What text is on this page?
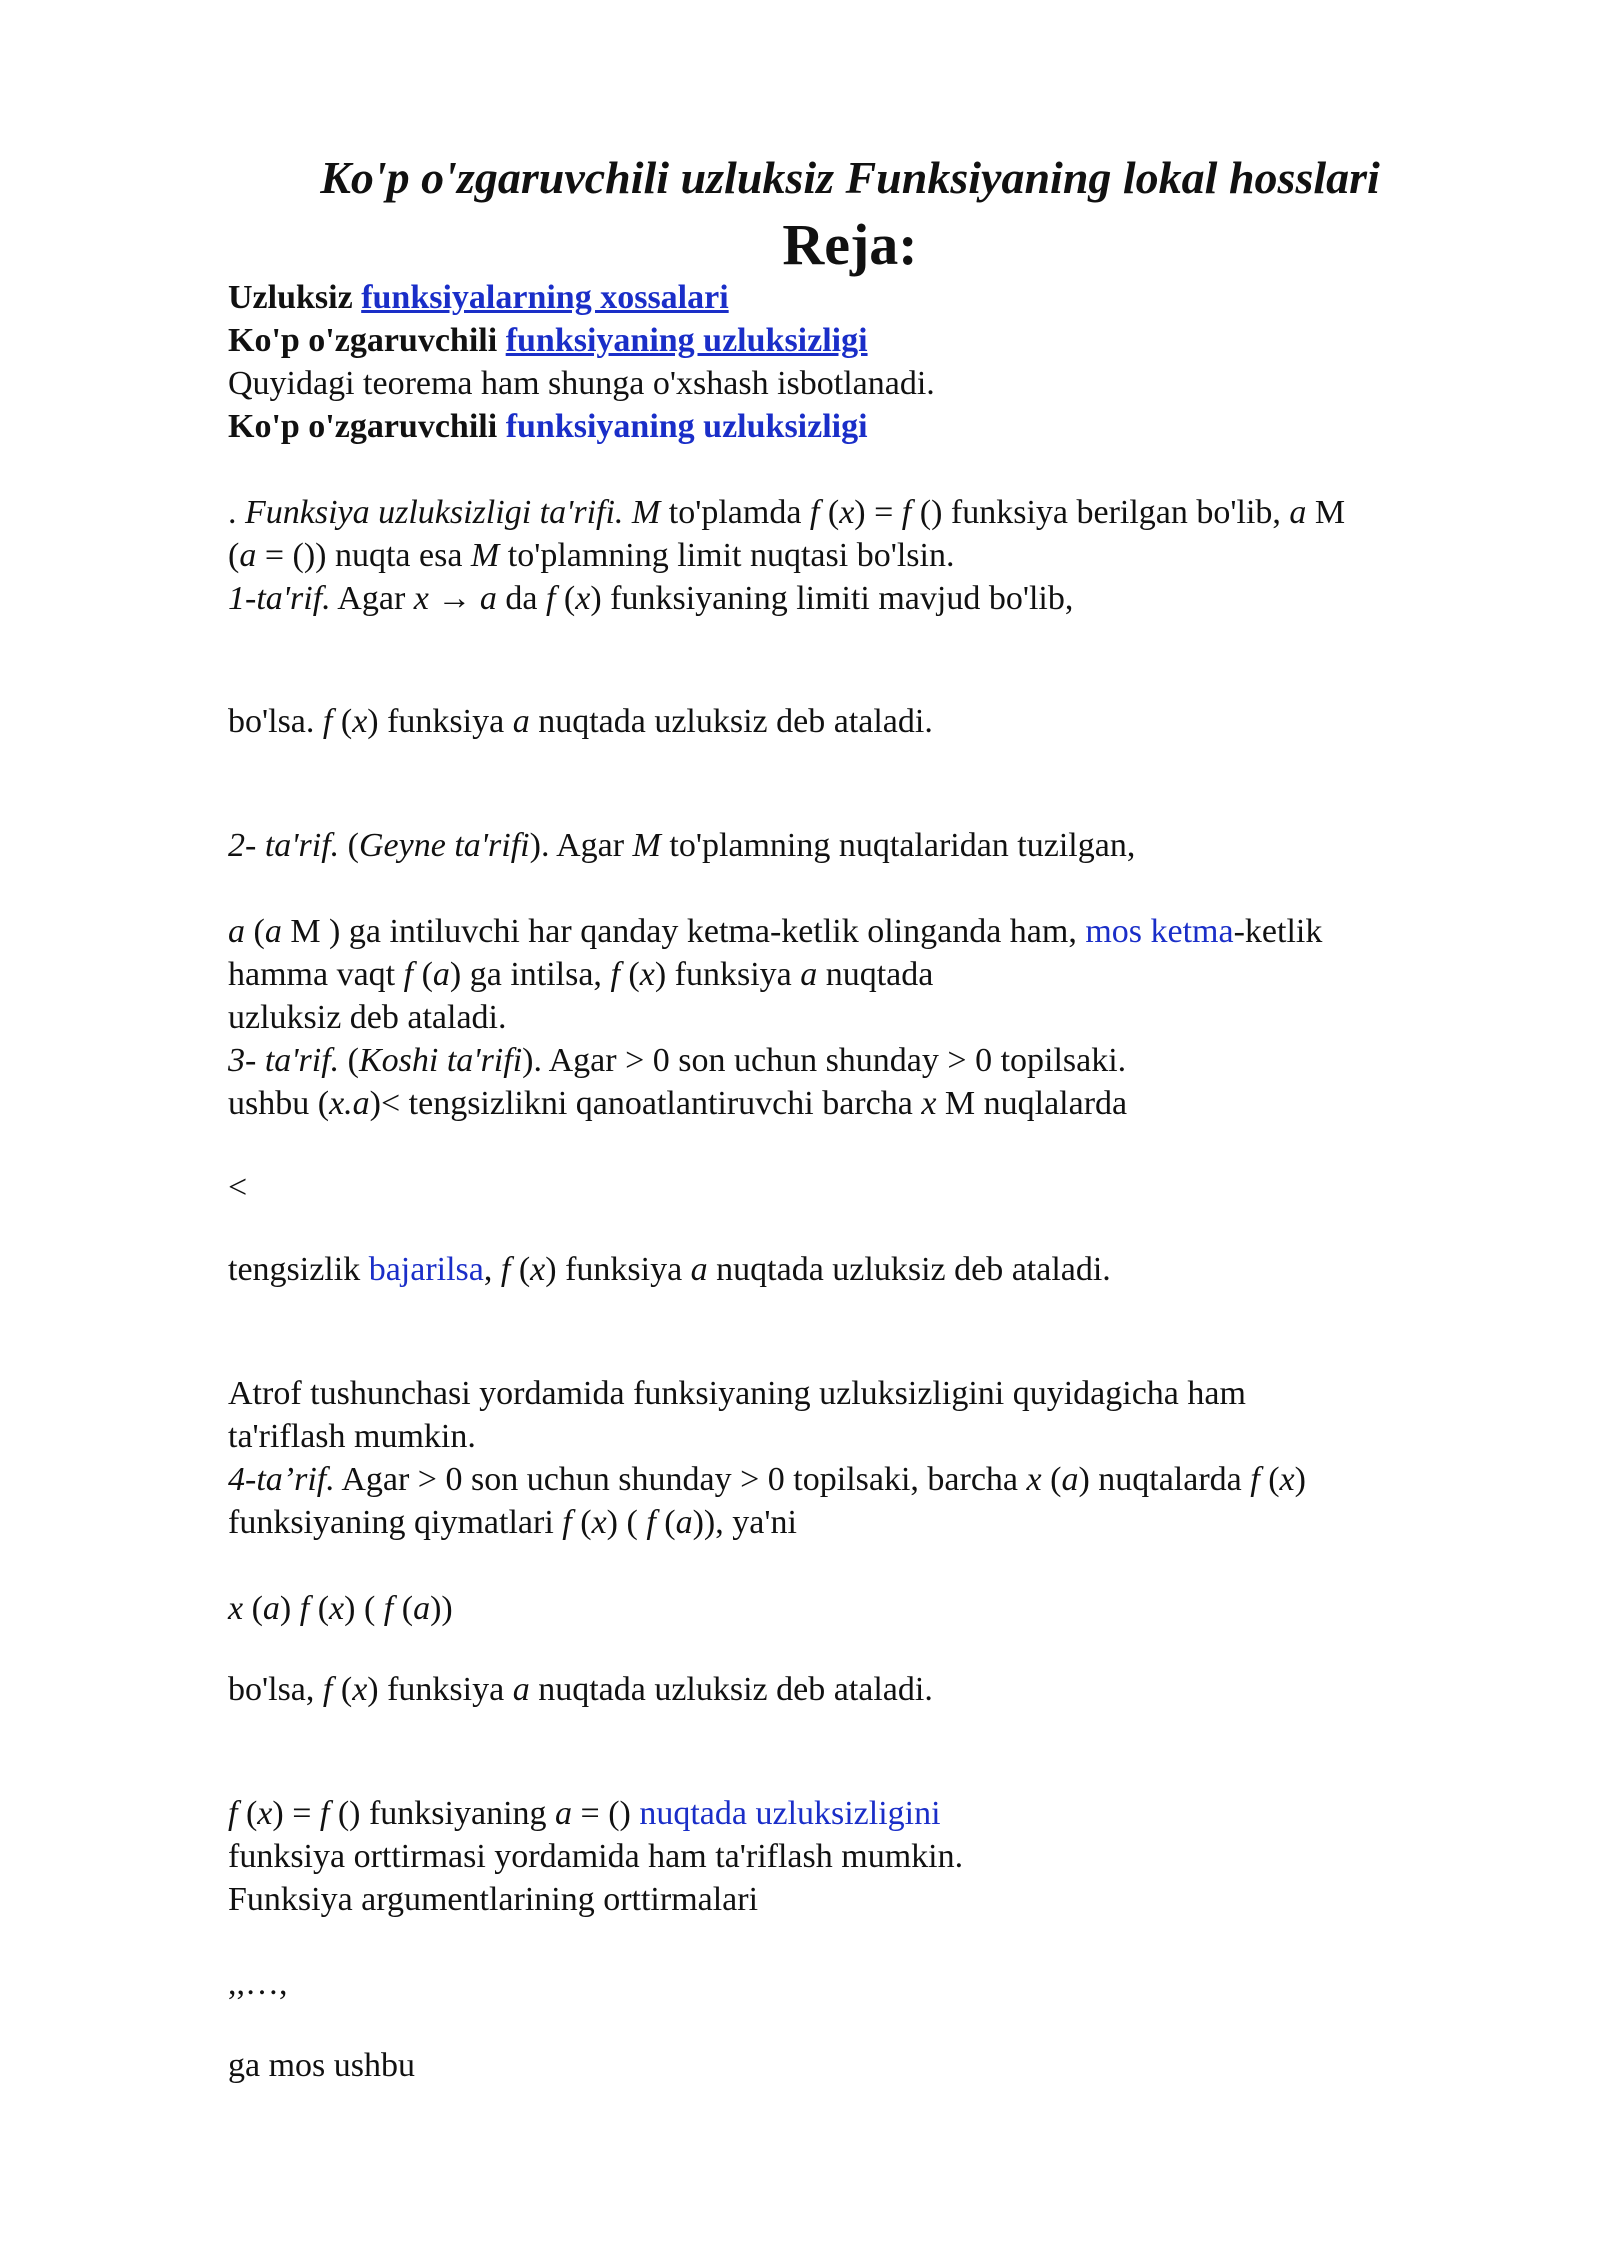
Ko'p o'zgaruvchili uzluksiz Funksiyaning lokal hosslari
Reja:
Uzluksiz funksiyalarning xossalari
Ko'p o'zgaruvchili funksiyaning uzluksizligi
Quyidagi teorema ham shunga o'xshash isbotlanadi.
Ko'p o'zgaruvchili funksiyaning uzluksizligi
. Funksiya uzluksizligi ta'rifi. M to'plamda f (x) = f () funksiya berilgan bo'lib, a M
(a = ()) nuqta esa M to'plamning limit nuqtasi bo'lsin.
1-ta'rif. Agar x → a da f (x) funksiyaning limiti mavjud bo'lib,
bo'lsa. f (x) funksiya a nuqtada uzluksiz deb ataladi.
2- ta'rif. (Geyne ta'rifi). Agar M to'plamning nuqtalaridan tuzilgan,
a (a M ) ga intiluvchi har qanday ketma-ketlik olinganda ham, mos ketma-ketlik
hamma vaqt f (a) ga intilsa, f (x) funksiya a nuqtada
uzluksiz deb ataladi.
3- ta'rif. (Koshi ta'rifi). Agar > 0 son uchun shunday > 0 topilsaki.
ushbu (x.a)< tengsizlikni qanoatlantiruvchi barcha x M nuqlalarda
<
tengsizlik bajarilsa, f (x) funksiya a nuqtada uzluksiz deb ataladi.
Atrof tushunchasi yordamida funksiyaning uzluksizligini quyidagicha ham
ta'riflash mumkin.
4-ta’rif. Agar > 0 son uchun shunday > 0 topilsaki, barcha x (a) nuqtalarda f (x)
funksiyaning qiymatlari f (x) ( f (a)), ya'ni
x (a) f (x) ( f (a))
bo'lsa, f (x) funksiya a nuqtada uzluksiz deb ataladi.
f (x) = f () funksiyaning a = () nuqtada uzluksizligini
funksiya orttirmasi yordamida ham ta'riflash mumkin.
Funksiya argumentlarining orttirmalari
,,…,
ga mos ushbu
